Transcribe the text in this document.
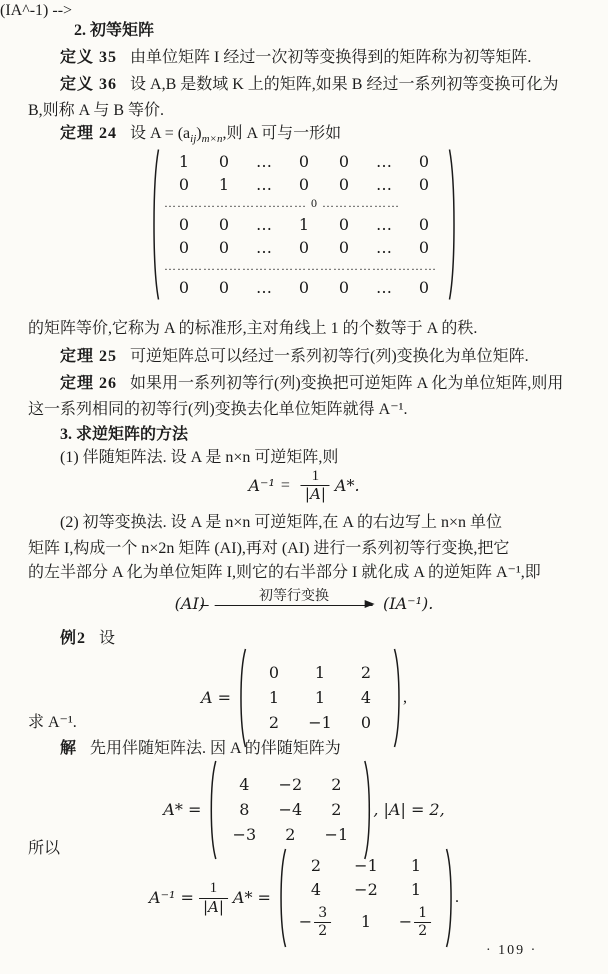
2. 初等矩阵
定义 35 由单位矩阵 I 经过一次初等变换得到的矩阵称为初等矩阵.
定义 36 设 A,B 是数域 K 上的矩阵,如果 B 经过一系列初等变换可化为
B,则称 A 与 B 等价.
定理 24 设 $A = (a_{ij})_{m\times n}$,则 A 可与一形如
1	0	…	0	0	…	0
0	1	…	0	0	…	0
…………………………… 0 ………………
0	0	…	1	0	…	0
0	0	…	0	0	…	0
………………………………………………………
0	0	…	0	0	…	0
的矩阵等价,它称为 A 的标准形,主对角线上 1 的个数等于 A 的秩.
定理 25 可逆矩阵总可以经过一系列初等行(列)变换化为单位矩阵.
定理 26 如果用一系列初等行(列)变换把可逆矩阵 A 化为单位矩阵,则用
这一系列相同的初等行(列)变换去化单位矩阵就得 A⁻¹.
3. 求逆矩阵的方法
(1) 伴随矩阵法. 设 A 是 n×n 可逆矩阵,则
$A^{-1} = \frac{1}{|A|} A*$.
(2) 初等变换法. 设 A 是 n×n 可逆矩阵,在 A 的右边写上 n×n 单位
矩阵 I,构成一个 n×2n 矩阵 (AI),再对 (AI) 进行一系列初等行变换,把它
的左半部分 A 化为单位矩阵 I,则它的右半部分 I 就化成 A 的逆矩阵 A⁻¹,即
(IA^-1) -->
(AI)	初等行变换	(IA⁻¹).
例2 设
A =
0	1	2
1	1	4
2	−1	0
,
求 A⁻¹.
解 先用伴随矩阵法. 因 A 的伴随矩阵为
A* =
4	−2	2
8	−4	2
−3	2	−1
, |A| = 2,
所以
$A^{-1} = \frac{1}{|A|} A*$ =
2	−1	1
4	−2	1
− $\frac{3}{2}$	1	− $\frac{1}{2}$
.
· 109 ·
